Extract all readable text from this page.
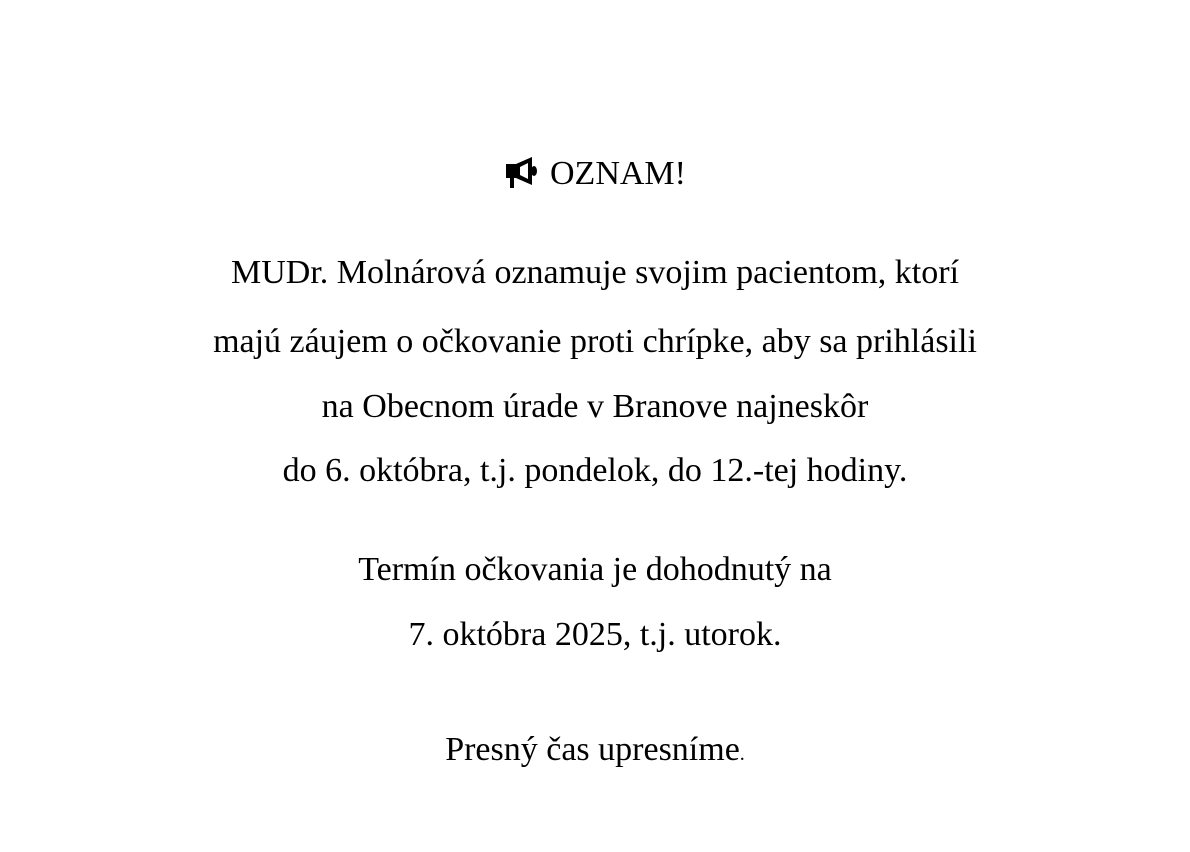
OZNAM!
MUDr. Molnárová oznamuje svojim pacientom, ktorí
majú záujem o očkovanie proti chrípke, aby sa prihlásili
na Obecnom úrade v Branove najneskôr
do 6. októbra, t.j. pondelok, do 12.-tej hodiny.
Termín očkovania je dohodnutý na
7. októbra 2025, t.j. utorok.
Presný čas upresníme.
